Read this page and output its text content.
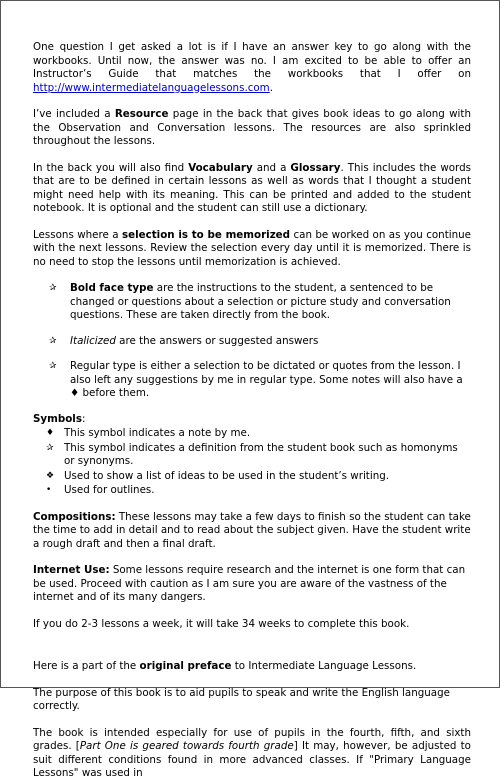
One question I get asked a lot is if I have an answer key to go along with the workbooks. Until now, the answer was no. I am excited to be able to offer an Instructor’s Guide that matches the workbooks that I offer on http://www.intermediatelanguagelessons.com.

I’ve included a Resource page in the back that gives book ideas to go along with the Observation and Conversation lessons. The resources are also sprinkled throughout the lessons.

In the back you will also find Vocabulary and a Glossary. This includes the words that are to be defined in certain lessons as well as words that I thought a student might need help with its meaning. This can be printed and added to the student notebook. It is optional and the student can still use a dictionary.

Lessons where a selection is to be memorized can be worked on as you continue with the next lessons. Review the selection every day until it is memorized. There is no need to stop the lessons until memorization is achieved.

✰ Bold face type are the instructions to the student, a sentenced to be changed or questions about a selection or picture study and conversation questions. These are taken directly from the book.
✰ Italicized are the answers or suggested answers
✰ Regular type is either a selection to be dictated or quotes from the lesson. I also left any suggestions by me in regular type. Some notes will also have a ♦ before them.

Symbols:

♦ This symbol indicates a note by me.
✰ This symbol indicates a definition from the student book such as homonyms or synonyms.
❖ Used to show a list of ideas to be used in the student’s writing.
• Used for outlines.

Compositions: These lessons may take a few days to finish so the student can take the time to add in detail and to read about the subject given. Have the student write a rough draft and then a final draft.

Internet Use: Some lessons require research and the internet is one form that can be used. Proceed with caution as I am sure you are aware of the vastness of the internet and of its many dangers.

If you do 2-3 lessons a week, it will take 34 weeks to complete this book.

Here is a part of the original preface to Intermediate Language Lessons.

The purpose of this book is to aid pupils to speak and write the English language correctly.

The book is intended especially for use of pupils in the fourth, fifth, and sixth grades. [Part One is geared towards fourth grade] It may, however, be adjusted to suit different conditions found in more advanced classes. If "Primary Language Lessons" was used in
